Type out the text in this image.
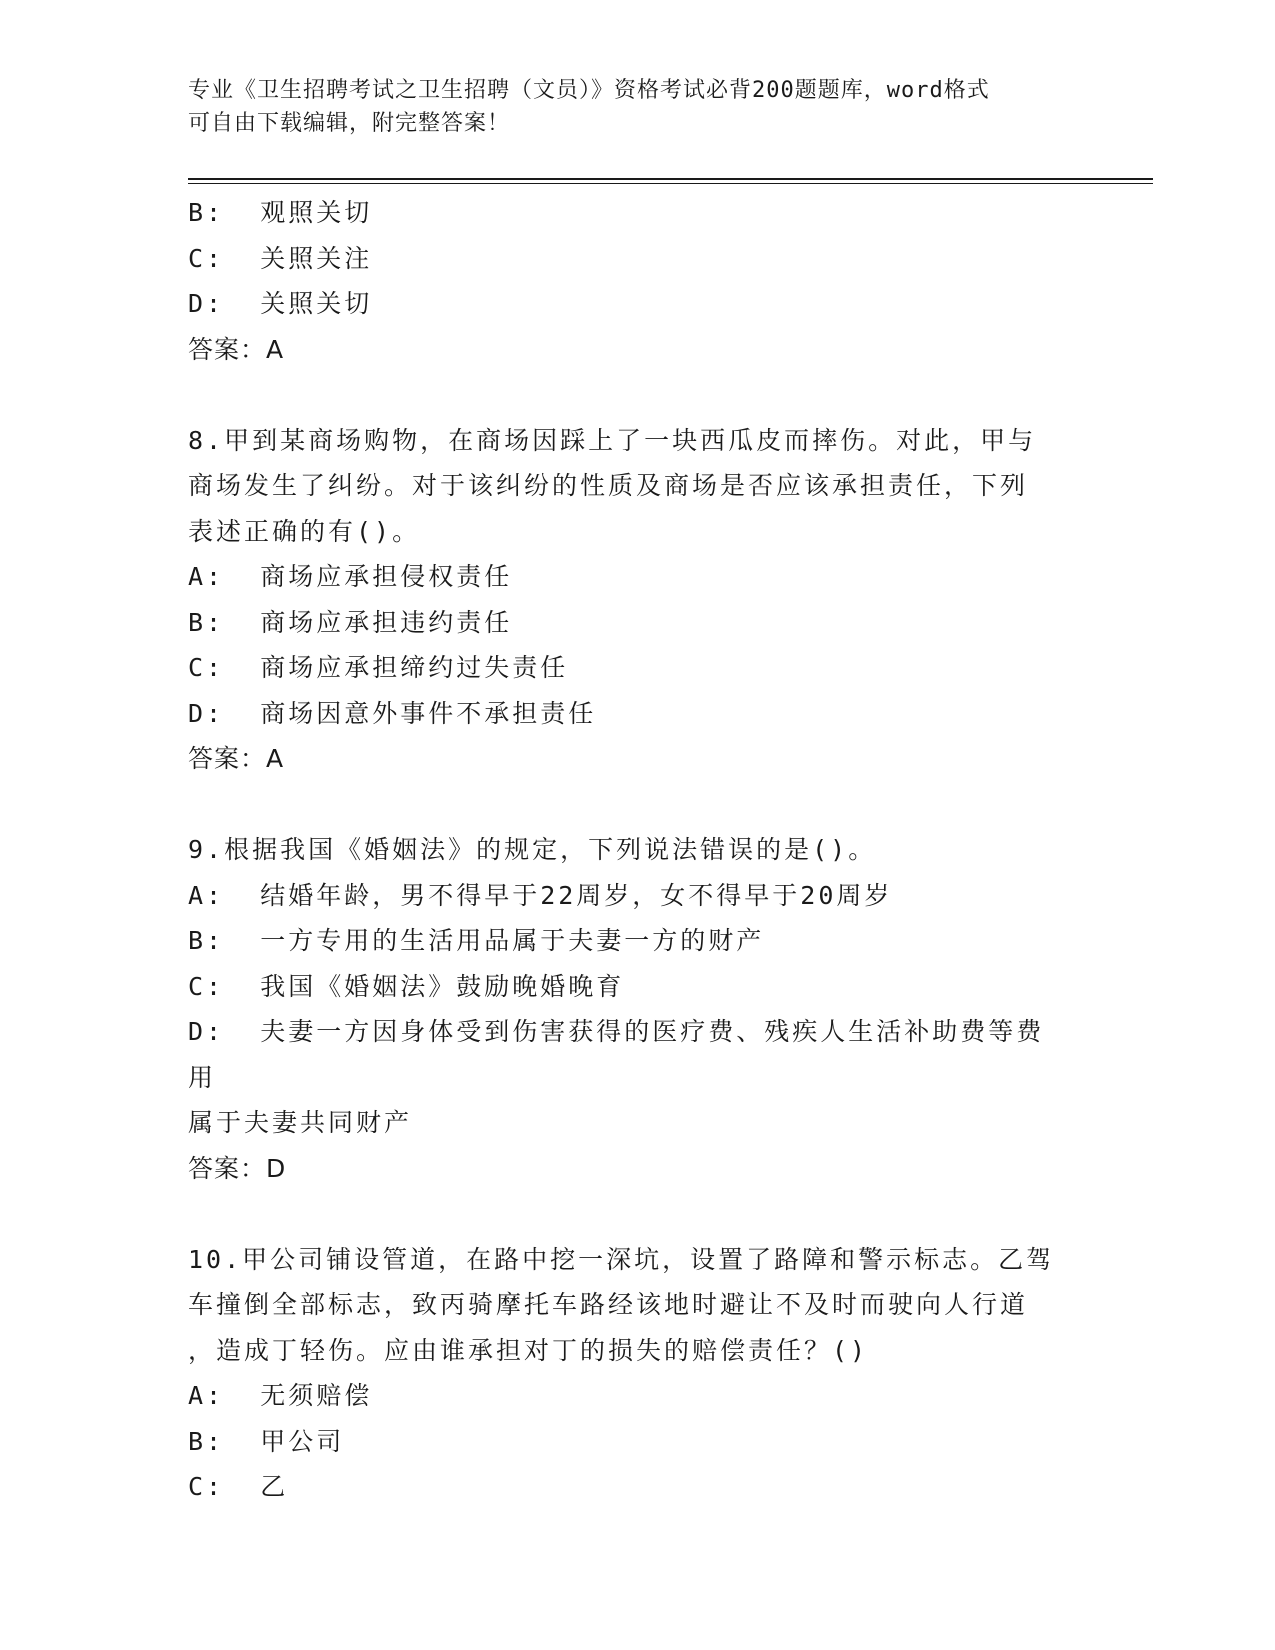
专业《卫生招聘考试之卫生招聘（文员）》资格考试必背200题题库，word格式
可自由下载编辑，附完整答案！
B:  观照关切
C:  关照关注
D:  关照关切
答案：A
8.甲到某商场购物，在商场因踩上了一块西瓜皮而摔伤。对此，甲与
商场发生了纠纷。对于该纠纷的性质及商场是否应该承担责任，下列
表述正确的有()。
A:  商场应承担侵权责任
B:  商场应承担违约责任
C:  商场应承担缔约过失责任
D:  商场因意外事件不承担责任
答案：A
9.根据我国《婚姻法》的规定，下列说法错误的是()。
A:  结婚年龄，男不得早于22周岁，女不得早于20周岁
B:  一方专用的生活用品属于夫妻一方的财产
C:  我国《婚姻法》鼓励晚婚晚育
D:  夫妻一方因身体受到伤害获得的医疗费、残疾人生活补助费等费用
属于夫妻共同财产
答案：D
10.甲公司铺设管道，在路中挖一深坑，设置了路障和警示标志。乙驾
车撞倒全部标志，致丙骑摩托车路经该地时避让不及时而驶向人行道
，造成丁轻伤。应由谁承担对丁的损失的赔偿责任？()
A:  无须赔偿
B:  甲公司
C:  乙
